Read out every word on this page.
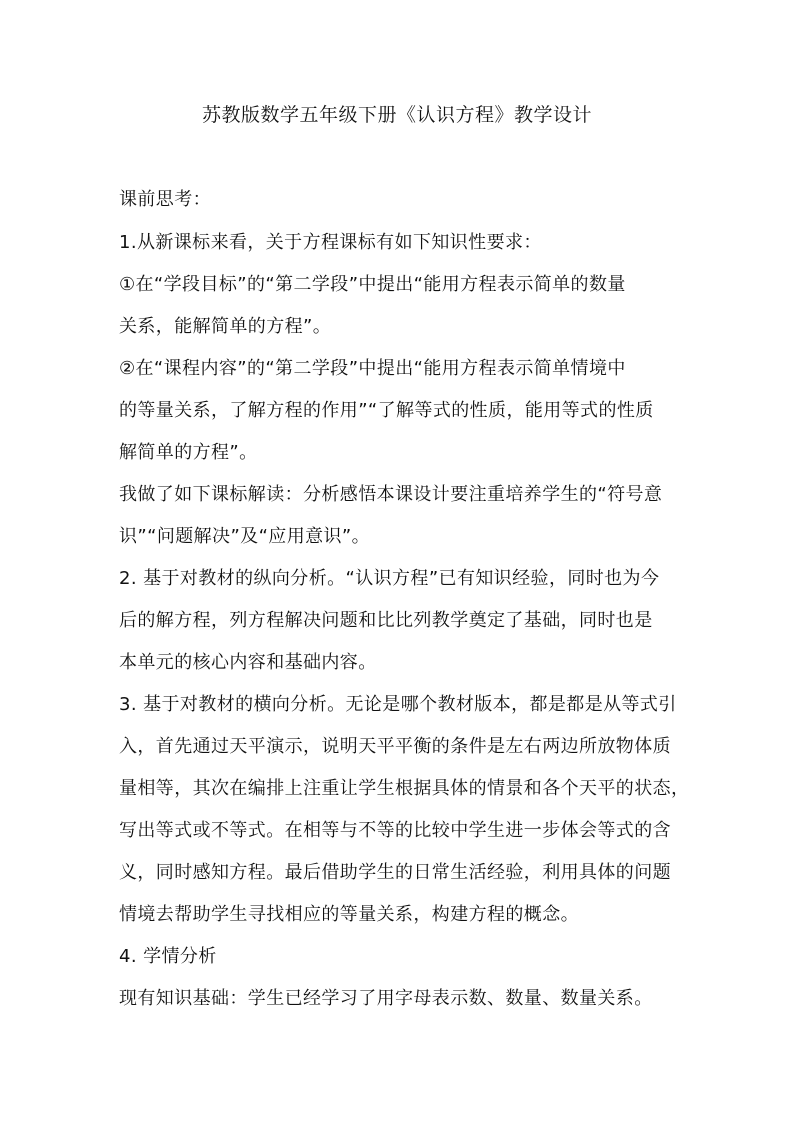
苏教版数学五年级下册《认识方程》教学设计
课前思考：
1.从新课标来看，关于方程课标有如下知识性要求：
①在“学段目标”的“第二学段”中提出“能用方程表示简单的数量
关系，能解简单的方程”。
②在“课程内容”的“第二学段”中提出“能用方程表示简单情境中
的等量关系，了解方程的作用”“了解等式的性质，能用等式的性质
解简单的方程”。
我做了如下课标解读：分析感悟本课设计要注重培养学生的“符号意
识”“问题解决”及“应用意识”。
2. 基于对教材的纵向分析。“认识方程”已有知识经验，同时也为今
后的解方程，列方程解决问题和比比列教学奠定了基础，同时也是
本单元的核心内容和基础内容。
3. 基于对教材的横向分析。无论是哪个教材版本，都是都是从等式引
入，首先通过天平演示，说明天平平衡的条件是左右两边所放物体质
量相等，其次在编排上注重让学生根据具体的情景和各个天平的状态，
写出等式或不等式。在相等与不等的比较中学生进一步体会等式的含
义，同时感知方程。最后借助学生的日常生活经验，利用具体的问题
情境去帮助学生寻找相应的等量关系，构建方程的概念。
4. 学情分析
现有知识基础：学生已经学习了用字母表示数、数量、数量关系。
